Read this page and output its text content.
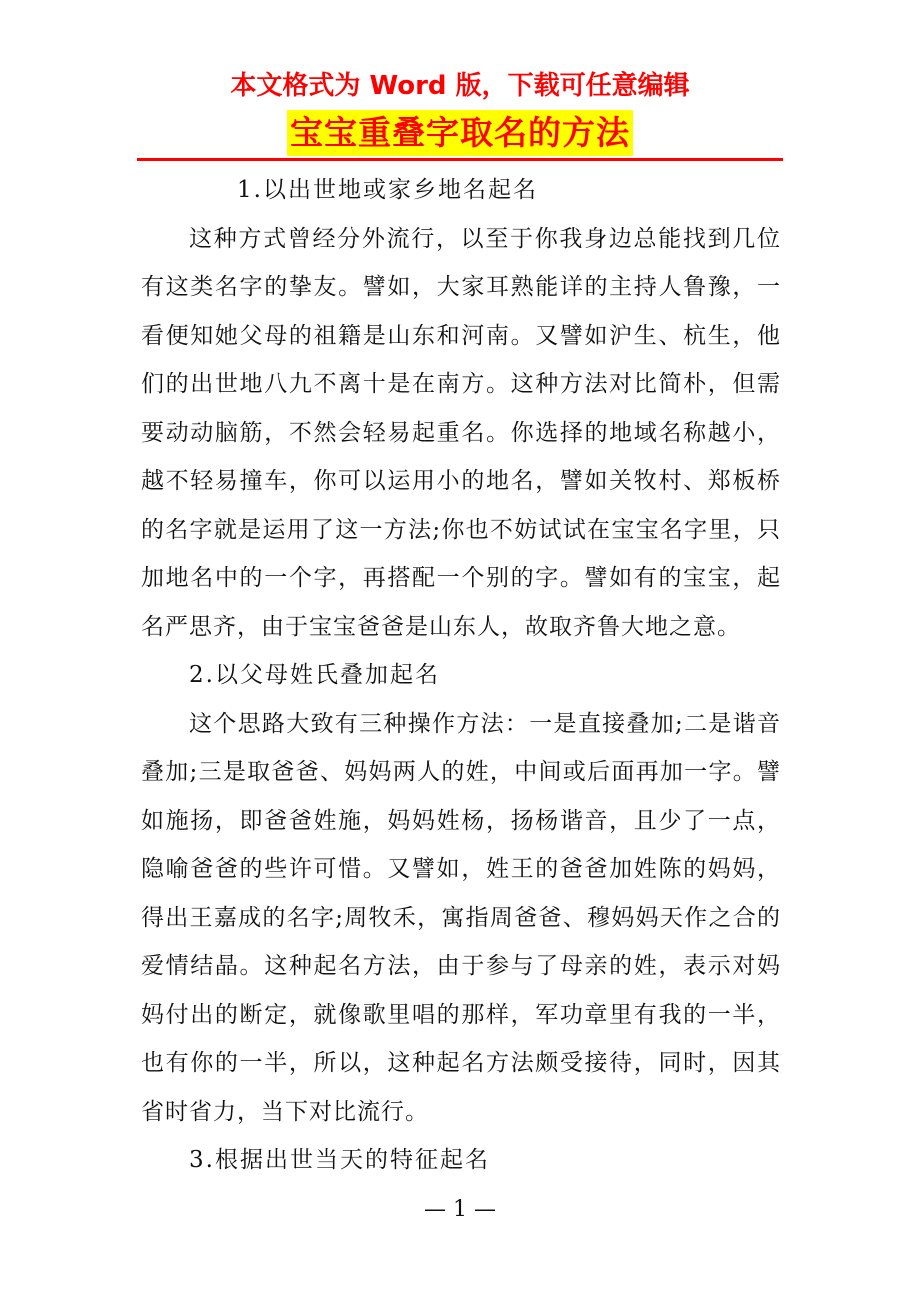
本文格式为 Word 版，下载可任意编辑
宝宝重叠字取名的方法

1.以出世地或家乡地名起名

这种方式曾经分外流行，以至于你我身边总能找到几位有这类名字的挚友。譬如，大家耳熟能详的主持人鲁豫，一看便知她父母的祖籍是山东和河南。又譬如沪生、杭生，他们的出世地八九不离十是在南方。这种方法对比简朴，但需要动动脑筋，不然会轻易起重名。你选择的地域名称越小，越不轻易撞车，你可以运用小的地名，譬如关牧村、郑板桥的名字就是运用了这一方法;你也不妨试试在宝宝名字里，只加地名中的一个字，再搭配一个别的字。譬如有的宝宝，起名严思齐，由于宝宝爸爸是山东人，故取齐鲁大地之意。

2.以父母姓氏叠加起名

这个思路大致有三种操作方法：一是直接叠加;二是谐音叠加;三是取爸爸、妈妈两人的姓，中间或后面再加一字。譬如施扬，即爸爸姓施，妈妈姓杨，扬杨谐音，且少了一点，隐喻爸爸的些许可惜。又譬如，姓王的爸爸加姓陈的妈妈，得出王嘉成的名字;周牧禾，寓指周爸爸、穆妈妈天作之合的爱情结晶。这种起名方法，由于参与了母亲的姓，表示对妈妈付出的断定，就像歌里唱的那样，军功章里有我的一半，也有你的一半，所以，这种起名方法颇受接待，同时，因其省时省力，当下对比流行。

3.根据出世当天的特征起名

— 1 —
